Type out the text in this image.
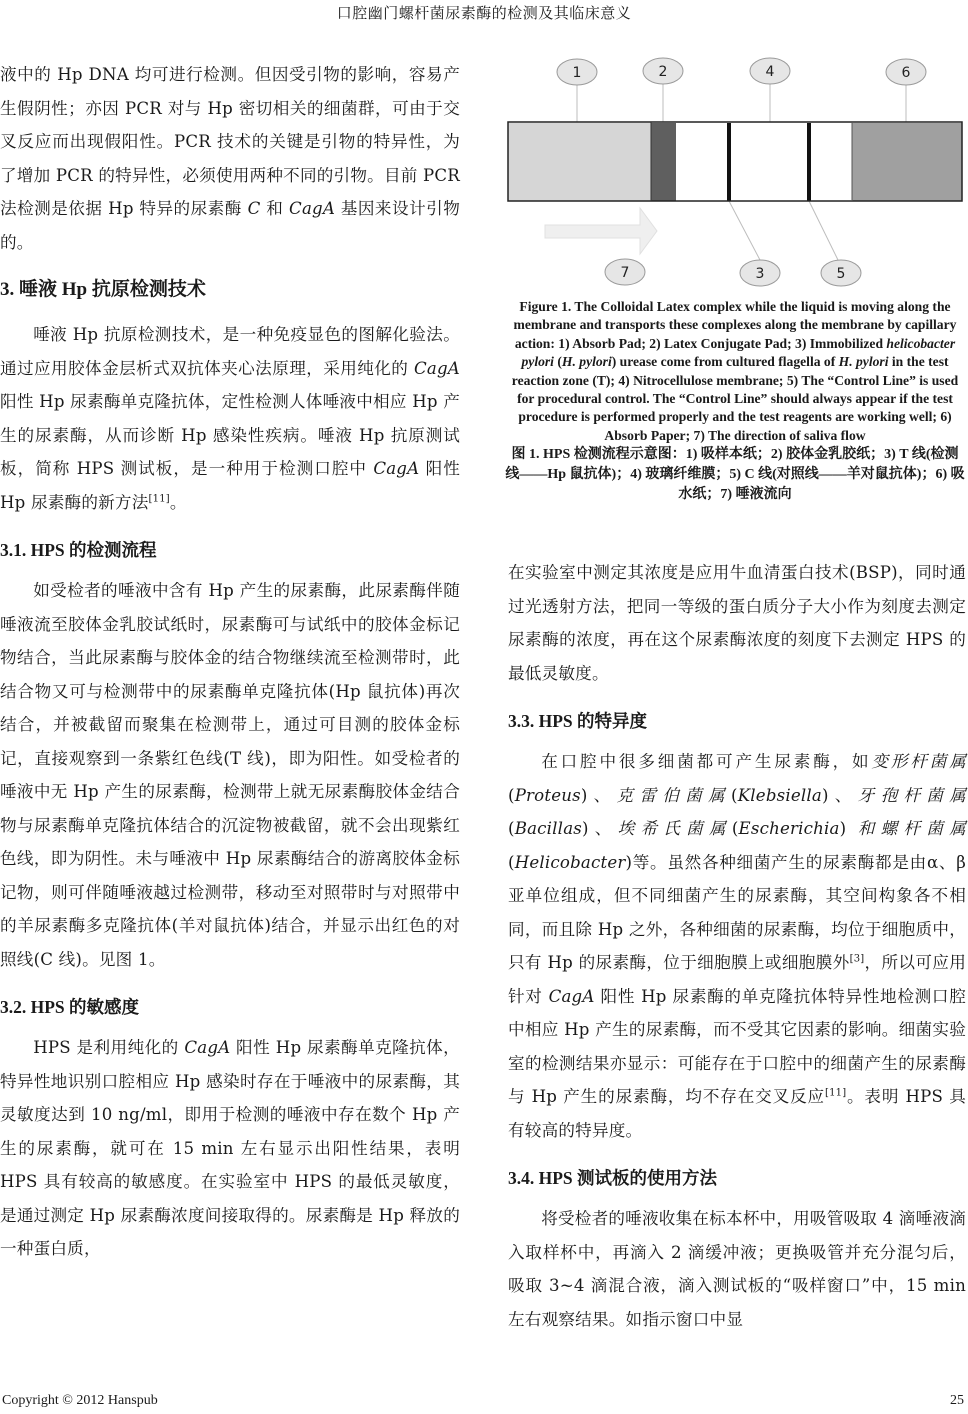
口腔幽门螺杆菌尿素酶的检测及其临床意义

液中的 Hp DNA 均可进行检测。但因受引物的影响，容易产生假阴性；亦因 PCR 对与 Hp 密切相关的细菌群，可由于交叉反应而出现假阳性。PCR 技术的关键是引物的特异性，为了增加 PCR 的特异性，必须使用两种不同的引物。目前 PCR 法检测是依据 Hp 特异的尿素酶 C 和 CagA 基因来设计引物的。

3. 唾液 Hp 抗原检测技术

唾液 Hp 抗原检测技术，是一种免疫显色的图解化验法。通过应用胶体金层析式双抗体夹心法原理，采用纯化的 CagA 阳性 Hp 尿素酶单克隆抗体，定性检测人体唾液中相应 Hp 产生的尿素酶，从而诊断 Hp 感染性疾病。唾液 Hp 抗原测试板，简称 HPS 测试板，是一种用于检测口腔中 CagA 阳性 Hp 尿素酶的新方法[11]。

3.1. HPS 的检测流程

如受检者的唾液中含有 Hp 产生的尿素酶，此尿素酶伴随唾液流至胶体金乳胶试纸时，尿素酶可与试纸中的胶体金标记物结合，当此尿素酶与胶体金的结合物继续流至检测带时，此结合物又可与检测带中的尿素酶单克隆抗体(Hp 鼠抗体)再次结合，并被截留而聚集在检测带上，通过可目测的胶体金标记，直接观察到一条紫红色线(T 线)，即为阳性。如受检者的唾液中无 Hp 产生的尿素酶，检测带上就无尿素酶胶体金结合物与尿素酶单克隆抗体结合的沉淀物被截留，就不会出现紫红色线，即为阴性。未与唾液中 Hp 尿素酶结合的游离胶体金标记物，则可伴随唾液越过检测带，移动至对照带时与对照带中的羊尿素酶多克隆抗体(羊对鼠抗体)结合，并显示出红色的对照线(C 线)。见图 1。

3.2. HPS 的敏感度

HPS 是利用纯化的 CagA 阳性 Hp 尿素酶单克隆抗体，特异性地识别口腔相应 Hp 感染时存在于唾液中的尿素酶，其灵敏度达到 10 ng/ml，即用于检测的唾液中存在数个 Hp 产生的尿素酶，就可在 15 min 左右显示出阳性结果，表明 HPS 具有较高的敏感度。在实验室中 HPS 的最低灵敏度，是通过测定 Hp 尿素酶浓度间接取得的。尿素酶是 Hp 释放的一种蛋白质，

1	2
3
4
5
6
7
Figure 1. The Colloidal Latex complex while the liquid is moving along the membrane and transports these complexes along the membrane by capillary action: 1) Absorb Pad; 2) Latex Conjugate Pad; 3) Immobilized helicobacter pylori (H. pylori) urease come from cultured flagella of H. pylori in the test reaction zone (T); 4) Nitrocellulose membrane; 5) The “Control Line” is used for procedural control. The “Control Line” should always appear if the test procedure is performed properly and the test reagents are working well; 6) Absorb Paper; 7) The direction of saliva flow
图 1. HPS 检测流程示意图：1) 吸样本纸；2) 胶体金乳胶纸；3) T 线(检测线——Hp 鼠抗体)；4) 玻璃纤维膜；5) C 线(对照线——羊对鼠抗体)；6) 吸水纸；7) 唾液流向

在实验室中测定其浓度是应用牛血清蛋白技术(BSP)，同时通过光透射方法，把同一等级的蛋白质分子大小作为刻度去测定尿素酶的浓度，再在这个尿素酶浓度的刻度下去测定 HPS 的最低灵敏度。

3.3. HPS 的特异度

在口腔中很多细菌都可产生尿素酶，如变形杆菌属(Proteus)、克雷伯菌属(Klebsiella)、牙孢杆菌属(Bacillas)、埃希氏菌属(Escherichia) 和螺杆菌属(Helicobacter)等。虽然各种细菌产生的尿素酶都是由α、β 亚单位组成，但不同细菌产生的尿素酶，其空间构象各不相同，而且除 Hp 之外，各种细菌的尿素酶，均位于细胞质中，只有 Hp 的尿素酶，位于细胞膜上或细胞膜外[3]，所以可应用针对 CagA 阳性 Hp 尿素酶的单克隆抗体特异性地检测口腔中相应 Hp 产生的尿素酶，而不受其它因素的影响。细菌实验室的检测结果亦显示：可能存在于口腔中的细菌产生的尿素酶与 Hp 产生的尿素酶，均不存在交叉反应[11]。表明 HPS 具有较高的特异度。

3.4. HPS 测试板的使用方法

将受检者的唾液收集在标本杯中，用吸管吸取 4 滴唾液滴入取样杯中，再滴入 2 滴缓冲液；更换吸管并充分混匀后，吸取 3~4 滴混合液，滴入测试板的“吸样窗口”中，15 min 左右观察结果。如指示窗口中显

Copyright © 2012 Hanspub	25
